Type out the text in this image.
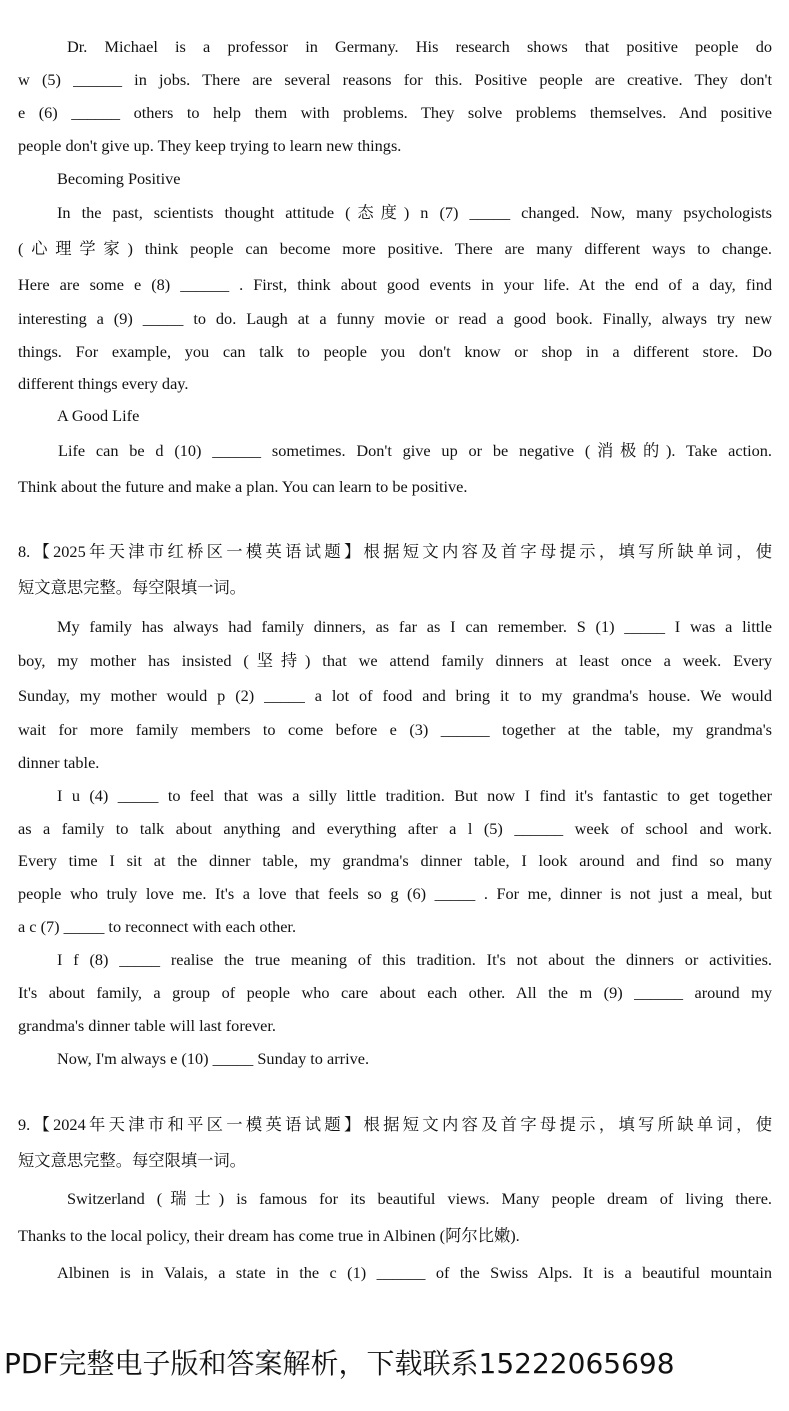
Dr. Michael is a professor in Germany. His research shows that positive people do
w (5) ______ in jobs. There are several reasons for this. Positive people are creative. They don't
e (6) ______ others to help them with problems. They solve problems themselves. And positive
people don't give up. They keep trying to learn new things.
Becoming Positive
In the past, scientists thought attitude (态度) n (7) _____ changed. Now, many psychologists
(心理学家) think people can become more positive. There are many different ways to change.
Here are some e (8) ______ . First, think about good events in your life. At the end of a day, find
interesting a (9) _____ to do. Laugh at a funny movie or read a good book. Finally, always try new
things. For example, you can talk to people you don't know or shop in a different store. Do
different things every day.
A Good Life
Life can be d (10) ______ sometimes. Don't give up or be negative (消极的). Take action.
Think about the future and make a plan. You can learn to be positive.
8.【2025年天津市红桥区一模英语试题】根据短文内容及首字母提示，填写所缺单词，使
短文意思完整。每空限填一词。
My family has always had family dinners, as far as I can remember. S (1) _____ I was a little
boy, my mother has insisted (坚持) that we attend family dinners at least once a week. Every
Sunday, my mother would p (2) _____ a lot of food and bring it to my grandma's house. We would
wait for more family members to come before e (3) ______ together at the table, my grandma's
dinner table.
I u (4) _____ to feel that was a silly little tradition. But now I find it's fantastic to get together
as a family to talk about anything and everything after a l (5) ______ week of school and work.
Every time I sit at the dinner table, my grandma's dinner table, I look around and find so many
people who truly love me. It's a love that feels so g (6) _____ . For me, dinner is not just a meal, but
a c (7) _____ to reconnect with each other.
I f (8) _____ realise the true meaning of this tradition. It's not about the dinners or activities.
It's about family, a group of people who care about each other. All the m (9) ______ around my
grandma's dinner table will last forever.
Now, I'm always e (10) _____ Sunday to arrive.
9.【2024年天津市和平区一模英语试题】根据短文内容及首字母提示，填写所缺单词，使
短文意思完整。每空限填一词。
Switzerland (瑞士) is famous for its beautiful views. Many people dream of living there.
Thanks to the local policy, their dream has come true in Albinen (阿尔比嫩).
Albinen is in Valais, a state in the c (1) ______ of the Swiss Alps. It is a beautiful mountain
PDF完整电子版和答案解析，下载联系15222065698
